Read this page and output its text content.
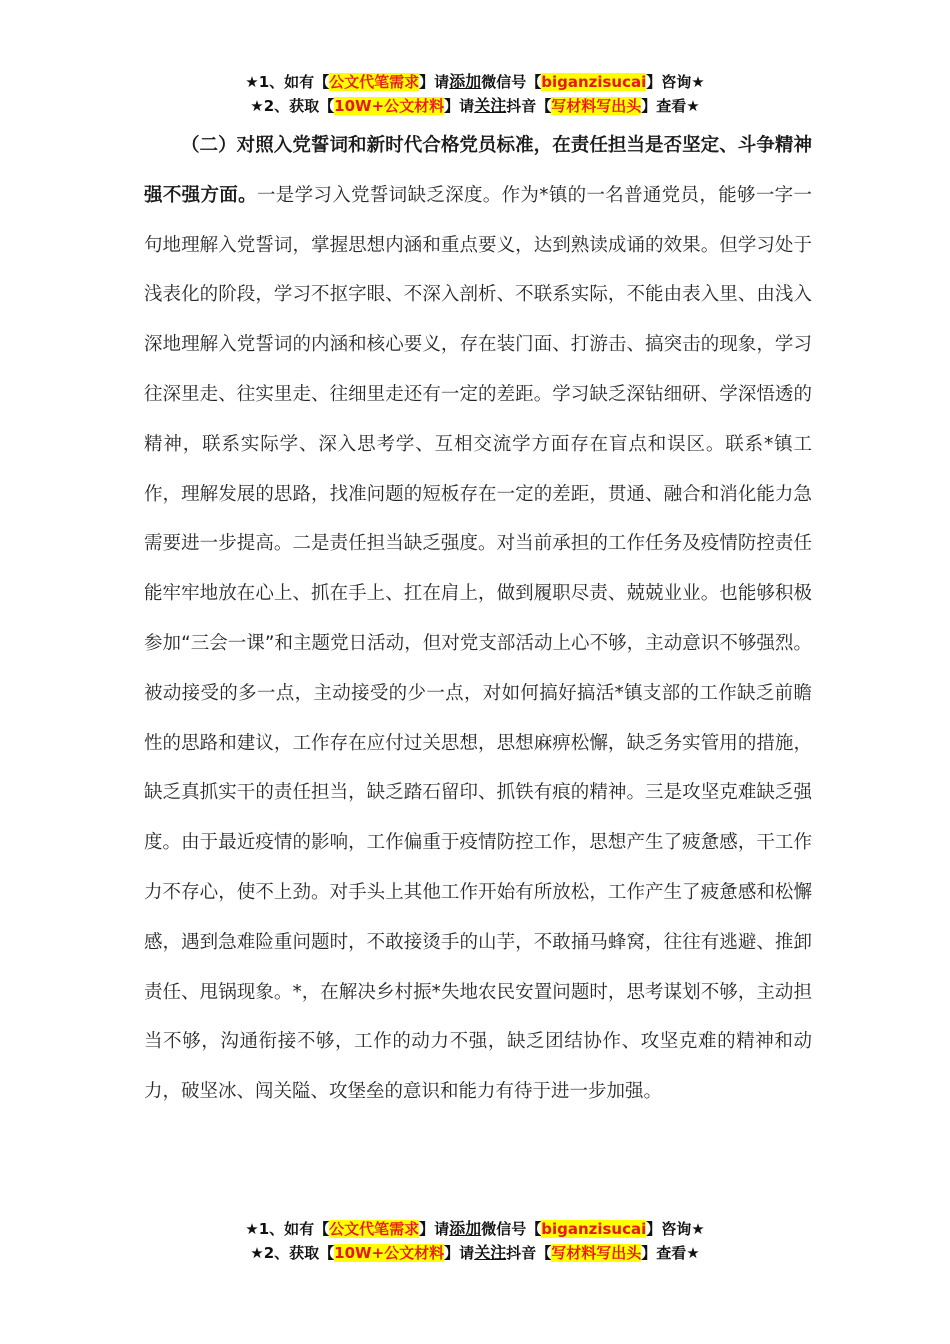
★1、如有【公文代笔需求】请添加微信号【biganzisucai】咨询★
★2、获取【10W+公文材料】请关注抖音【写材料写出头】查看★
（二）对照入党誓词和新时代合格党员标准，在责任担当是否坚定、斗争精神强不强方面。一是学习入党誓词缺乏深度。作为*镇的一名普通党员，能够一字一句地理解入党誓词，掌握思想内涵和重点要义，达到熟读成诵的效果。但学习处于浅表化的阶段，学习不抠字眼、不深入剖析、不联系实际，不能由表入里、由浅入深地理解入党誓词的内涵和核心要义，存在装门面、打游击、搞突击的现象，学习往深里走、往实里走、往细里走还有一定的差距。学习缺乏深钻细研、学深悟透的精神，联系实际学、深入思考学、互相交流学方面存在盲点和误区。联系*镇工作，理解发展的思路，找准问题的短板存在一定的差距，贯通、融合和消化能力急需要进一步提高。二是责任担当缺乏强度。对当前承担的工作任务及疫情防控责任能牢牢地放在心上、抓在手上、扛在肩上，做到履职尽责、兢兢业业。也能够积极参加“三会一课”和主题党日活动，但对党支部活动上心不够，主动意识不够强烈。被动接受的多一点，主动接受的少一点，对如何搞好搞活*镇支部的工作缺乏前瞻性的思路和建议，工作存在应付过关思想，思想麻痹松懈，缺乏务实管用的措施，缺乏真抓实干的责任担当，缺乏踏石留印、抓铁有痕的精神。三是攻坚克难缺乏强度。由于最近疫情的影响，工作偏重于疫情防控工作，思想产生了疲惫感，干工作力不存心，使不上劲。对手头上其他工作开始有所放松，工作产生了疲惫感和松懈感，遇到急难险重问题时，不敢接烫手的山芋，不敢捅马蜂窝，往往有逃避、推卸责任、甩锅现象。*，在解决乡村振*失地农民安置问题时，思考谋划不够，主动担当不够，沟通衔接不够，工作的动力不强，缺乏团结协作、攻坚克难的精神和动力，破坚冰、闯关隘、攻堡垒的意识和能力有待于进一步加强。
★1、如有【公文代笔需求】请添加微信号【biganzisucai】咨询★
★2、获取【10W+公文材料】请关注抖音【写材料写出头】查看★
